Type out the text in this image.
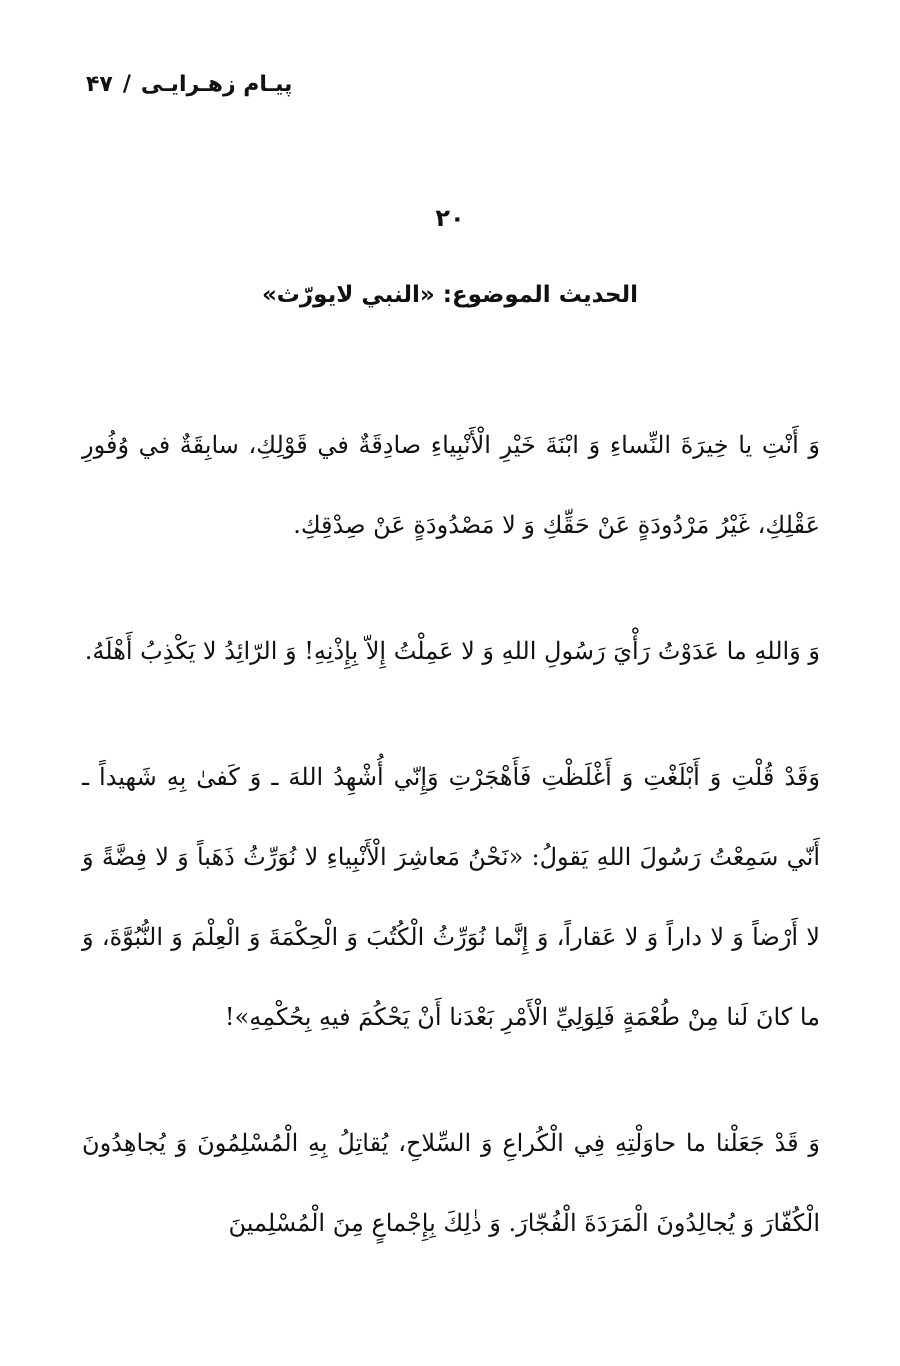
پیـام زهـرایـی/۴۷
۲۰
الحدیث الموضوع: «النبي لایورّث»

وَ أَنْتِ يا خِيرَةَ النِّساءِ وَ ابْنَةَ خَيْرِ الْأَنْبِياءِ صادِقَةٌ في قَوْلِكِ، سابِقَةٌ في وُفُورِ عَقْلِكِ، غَيْرُ مَرْدُودَةٍ عَنْ حَقِّكِ وَ لا مَصْدُودَةٍ عَنْ صِدْقِكِ.

وَ وَاللهِ ما عَدَوْتُ رَأْيَ رَسُولِ اللهِ وَ لا عَمِلْتُ إِلاّ بِإِذْنِهِ! وَ الرّائِدُ لا يَكْذِبُ أَهْلَهُ.

وَقَدْ قُلْتِ وَ أَبْلَغْتِ وَ أَغْلَظْتِ فَأَهْجَرْتِ وَإِنّي أُشْهِدُ اللهَ ـ وَ كَفىٰ بِهِ شَهيداً ـ أَنّي سَمِعْتُ رَسُولَ اللهِ يَقولُ: «نَحْنُ مَعاشِرَ الْأَنْبِياءِ لا نُوَرِّثُ ذَهَباً وَ لا فِضَّةً وَ لا أَرْضاً وَ لا داراً وَ لا عَقاراً، وَ إِنَّما نُوَرِّثُ الْكُتُبَ وَ الْحِكْمَةَ وَ الْعِلْمَ وَ النُّبُوَّةَ، وَ ما كانَ لَنا مِنْ طُعْمَةٍ فَلِوَلِيِّ الْأَمْرِ بَعْدَنا أَنْ يَحْكُمَ فيهِ بِحُكْمِهِ»!

وَ قَدْ جَعَلْنا ما حاوَلْتِهِ فِي الْكُراعِ وَ السِّلاحِ، يُقاتِلُ بِهِ الْمُسْلِمُونَ وَ يُجاهِدُونَ الْكُفّارَ وَ يُجالِدُونَ الْمَرَدَةَ الْفُجّارَ. وَ ذٰلِكَ بِإِجْماعٍ مِنَ الْمُسْلِمينَ
